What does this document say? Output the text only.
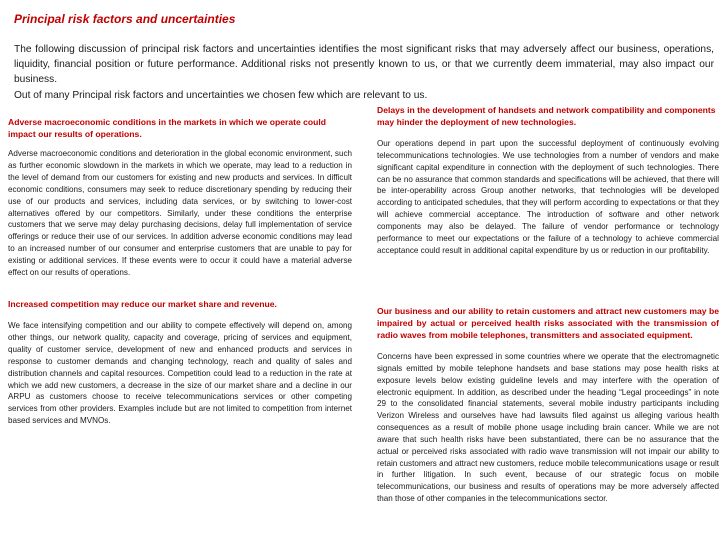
Principal risk factors and uncertainties

The following discussion of principal risk factors and uncertainties identifies the most significant risks that may adversely affect our business, operations, liquidity, financial position or future performance. Additional risks not presently known to us, or that we currently deem immaterial, may also impact our business.

Out of many Principal risk factors and uncertainties we chosen few which are relevant to us.

Adverse macroeconomic conditions in the markets in which we operate could impact our results of operations.

Adverse macroeconomic conditions and deterioration in the global economic environment, such as further economic slowdown in the markets in which we operate, may lead to a reduction in the level of demand from our customers for existing and new products and services. In difficult economic conditions, consumers may seek to reduce discretionary spending by reducing their use of our products and services, including data services, or by switching to lower-cost alternatives offered by our competitors. Similarly, under these conditions the enterprise customers that we serve may delay purchasing decisions, delay full implementation of service offerings or reduce their use of our services. In addition adverse economic conditions may lead to an increased number of our consumer and enterprise customers that are unable to pay for existing or additional services. If these events were to occur it could have a material adverse effect on our results of operations.

Increased competition may reduce our market share and revenue.

We face intensifying competition and our ability to compete effectively will depend on, among other things, our network quality, capacity and coverage, pricing of services and equipment, quality of customer service, development of new and enhanced products and services in response to customer demands and changing technology, reach and quality of sales and distribution channels and capital resources. Competition could lead to a reduction in the rate at which we add new customers, a decrease in the size of our market share and a decline in our ARPU as customers choose to receive telecommunications services or other competing services from other providers. Examples include but are not limited to competition from internet based services and MVNOs.

Delays in the development of handsets and network compatibility and components may hinder the deployment of new technologies.

Our operations depend in part upon the successful deployment of continuously evolving telecommunications technologies. We use technologies from a number of vendors and make significant capital expenditure in connection with the deployment of such technologies. There can be no assurance that common standards and specifications will be achieved, that there will be inter-operability across Group another networks, that technologies will be developed according to anticipated schedules, that they will perform according to expectations or that they will achieve commercial acceptance. The introduction of software and other network components may also be delayed. The failure of vendor performance or technology performance to meet our expectations or the failure of a technology to achieve commercial acceptance could result in additional capital expenditure by us or reduction in our profitability.

Our business and our ability to retain customers and attract new customers may be impaired by actual or perceived health risks associated with the transmission of radio waves from mobile telephones, transmitters and associated equipment.

Concerns have been expressed in some countries where we operate that the electromagnetic signals emitted by mobile telephone handsets and base stations may pose health risks at exposure levels below existing guideline levels and may interfere with the operation of electronic equipment. In addition, as described under the heading “Legal proceedings” in note 29 to the consolidated financial statements, several mobile industry participants including Verizon Wireless and ourselves have had lawsuits filed against us alleging various health consequences as a result of mobile phone usage including brain cancer. While we are not aware that such health risks have been substantiated, there can be no assurance that the actual or perceived risks associated with radio wave transmission will not impair our ability to retain customers and attract new customers, reduce mobile telecommunications usage or result in further litigation. In such event, because of our strategic focus on mobile telecommunications, our business and results of operations may be more adversely affected than those of other companies in the telecommunications sector.
